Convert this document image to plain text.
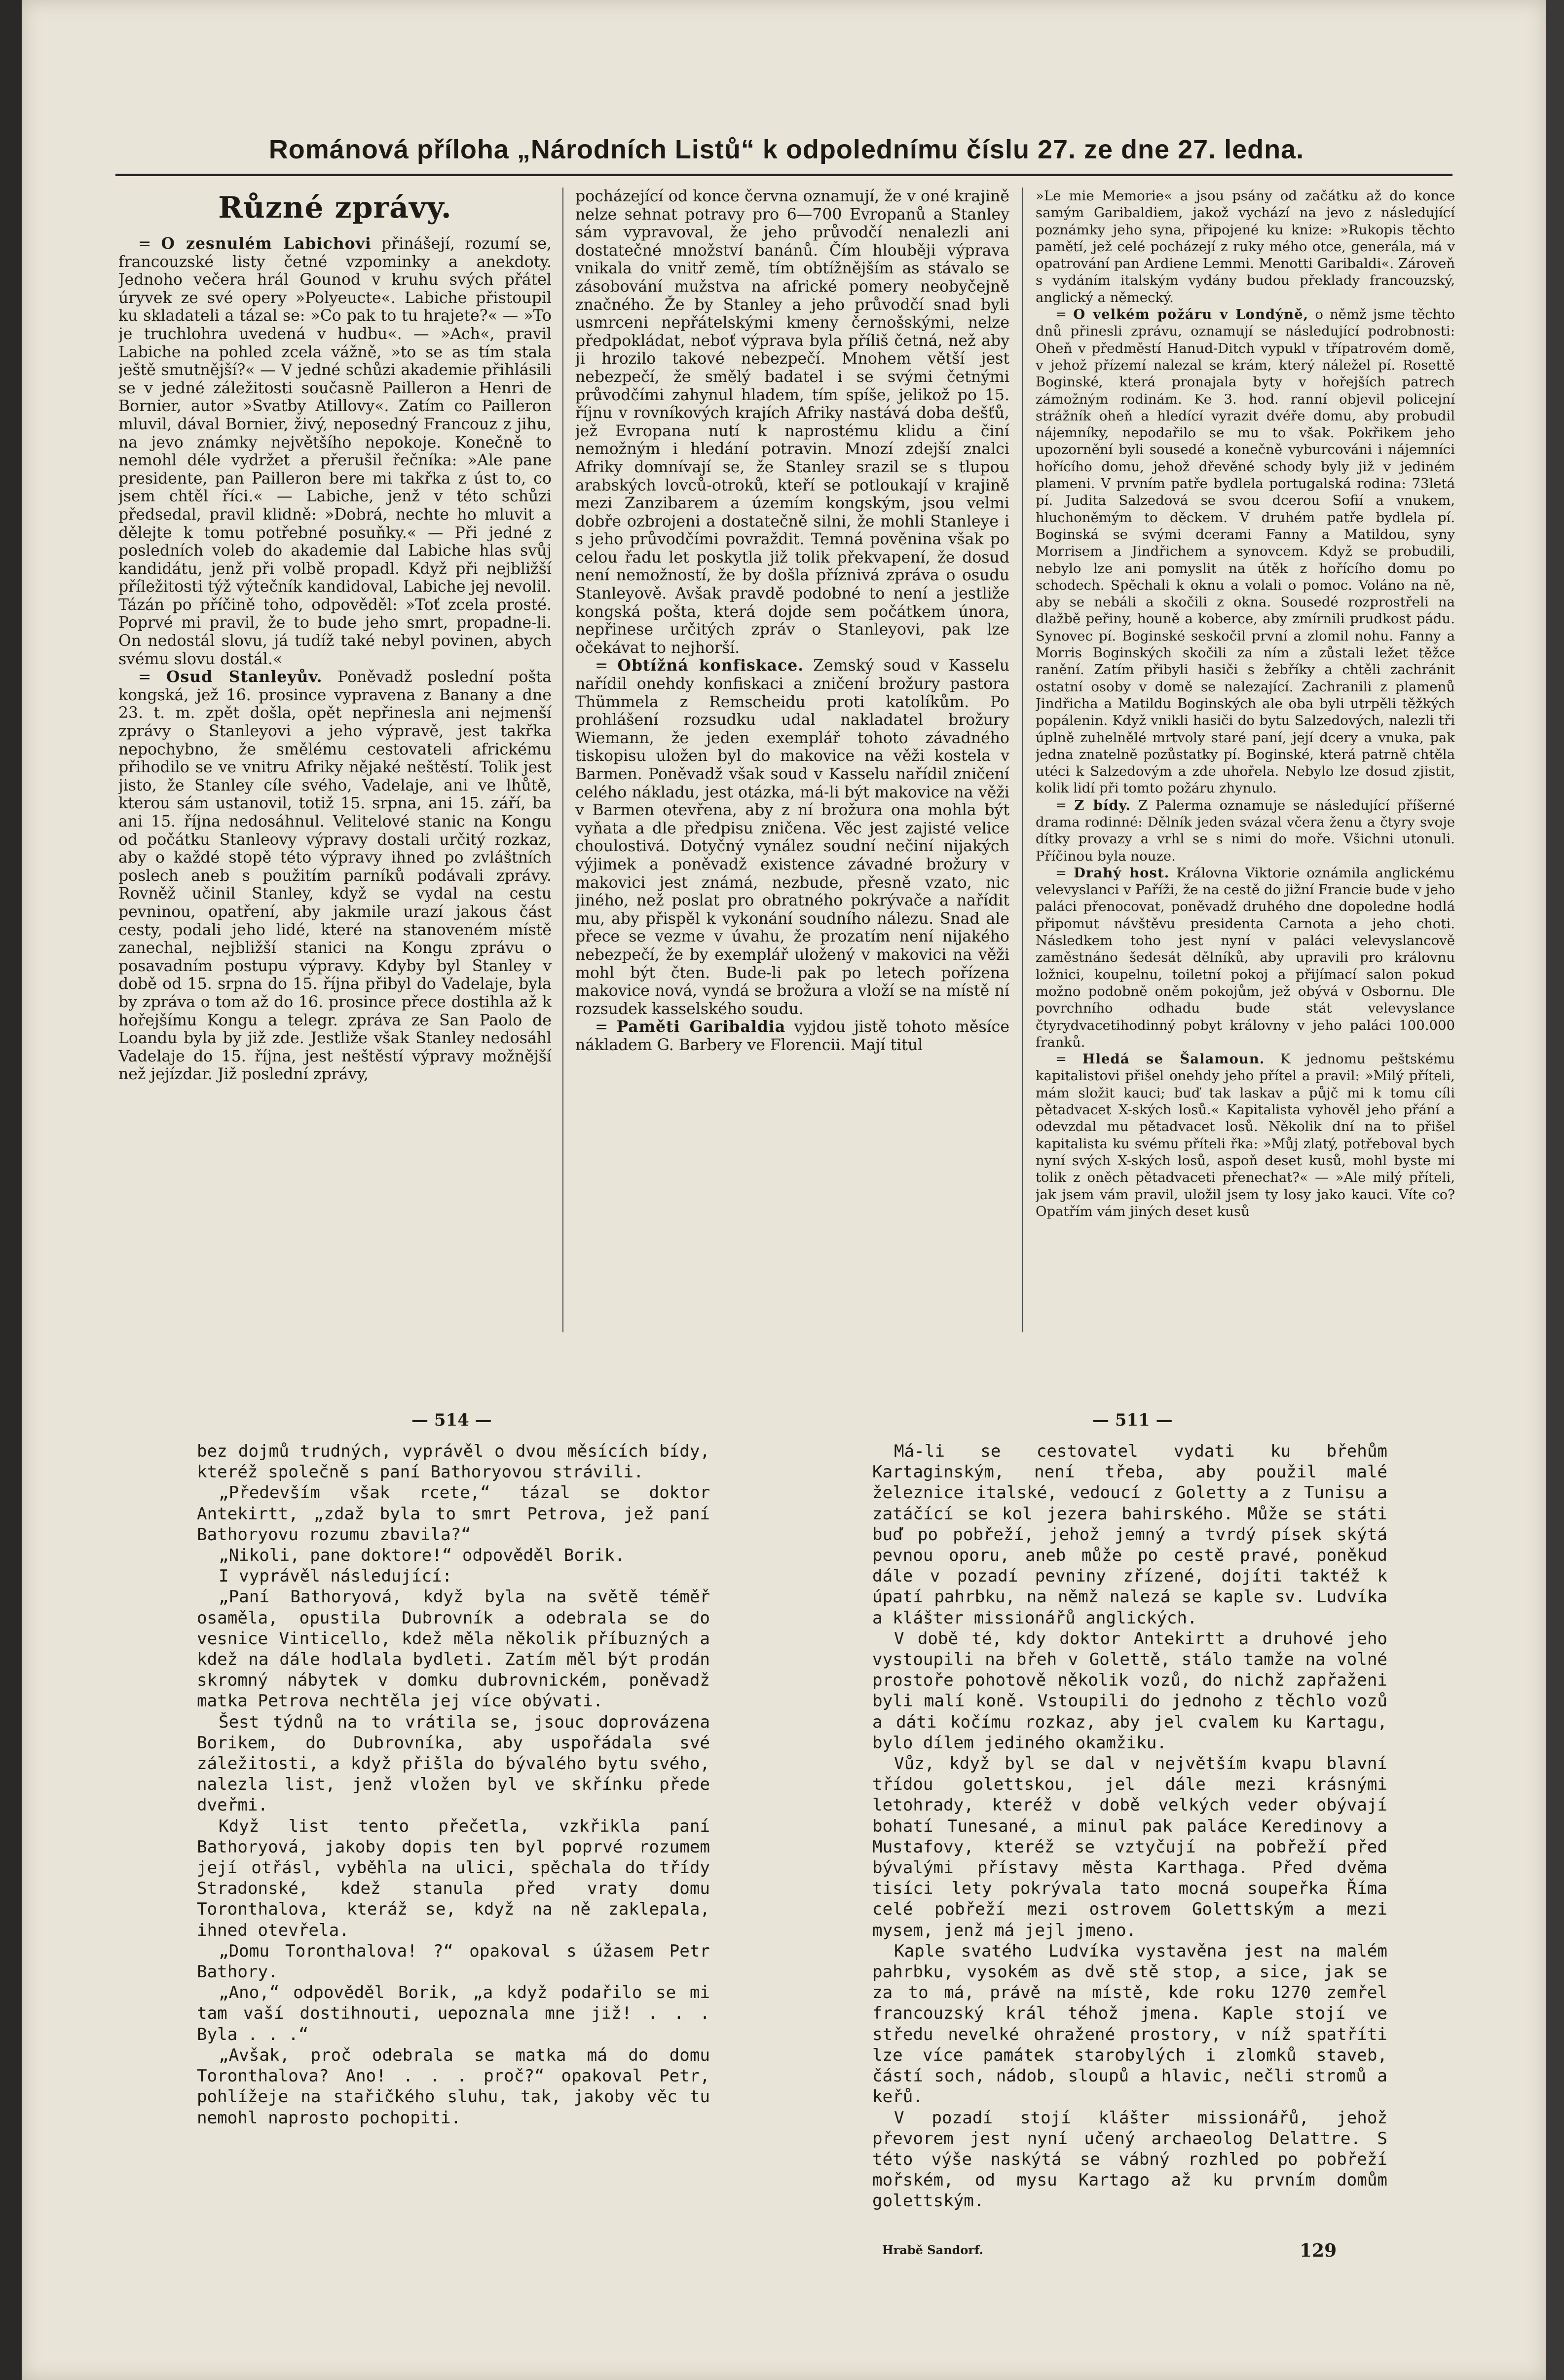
Románová příloha „Národních Listů“ k odpolednímu číslu 27. ze dne 27. ledna.
Různé zprávy.

= O zesnulém Labichovi přinášejí, rozumí se, francouzské listy četné vzpominky a anekdoty. Jednoho večera hrál Gounod v kruhu svých přátel úryvek ze své opery »Polyeucte«. Labiche přistoupil ku skladateli a tázal se: »Co pak to tu hrajete?« — »To je truchlohra uvedená v hudbu«. — »Ach«, pravil Labiche na pohled zcela vážně, »to se as tím stala ještě smutnější?« — V jedné schůzi akademie přihlásili se v jedné záležitosti současně Pailleron a Henri de Bornier, autor »Svatby Atillovy«. Zatím co Pailleron mluvil, dával Bornier, živý, neposedný Francouz z jihu, na jevo známky největšího nepokoje. Konečně to nemohl déle vydržet a přerušil řečníka: »Ale pane presidente, pan Pailleron bere mi takřka z úst to, co jsem chtěl říci.« — Labiche, jenž v této schůzi předsedal, pravil klidně: »Dobrá, nechte ho mluvit a dělejte k tomu potřebné posuňky.« — Při jedné z posledních voleb do akademie dal Labiche hlas svůj kandidátu, jenž při volbě propadl. Když při nejbližší příležitosti týž výtečník kandidoval, Labiche jej nevolil. Tázán po příčině toho, odpověděl: »Toť zcela prosté. Poprvé mi pravil, že to bude jeho smrt, propadne-li. On nedostál slovu, já tudíž také nebyl povinen, abych svému slovu dostál.«

= Osud Stanleyův. Poněvadž poslední pošta kongská, jež 16. prosince vypravena z Banany a dne 23. t. m. zpět došla, opět nepřinesla ani nejmenší zprávy o Stanleyovi a jeho výpravě, jest takřka nepochybno, že smělému cestovateli africkému přihodilo se ve vnitru Afriky nějaké neštěstí. Tolik jest jisto, že Stanley cíle svého, Vadelaje, ani ve lhůtě, kterou sám ustanovil, totiž 15. srpna, ani 15. září, ba ani 15. října nedosáhnul. Velitelové stanic na Kongu od počátku Stanleovy výpravy dostali určitý rozkaz, aby o každé stopě této výpravy ihned po zvláštních poslech aneb s použitím parníků podávali zprávy. Rovněž učinil Stanley, když se vydal na cestu pevninou, opatření, aby jakmile urazí jakous část cesty, podali jeho lidé, které na stanoveném místě zanechal, nejbližší stanici na Kongu zprávu o posavadním postupu výpravy. Kdyby byl Stanley v době od 15. srpna do 15. října přibyl do Vadelaje, byla by zpráva o tom až do 16. prosince přece dostihla až k hořejšímu Kongu a telegr. zpráva ze San Paolo de Loandu byla by již zde. Jestliže však Stanley nedosáhl Vadelaje do 15. října, jest neštěstí výpravy možnější než jejízdar. Již poslední zprávy,

pocházející od konce června oznamují, že v oné krajině nelze sehnat potravy pro 6—700 Evropanů a Stanley sám vypravoval, že jeho průvodčí nenalezli ani dostatečné množství banánů. Čím hlouběji výprava vnikala do vnitř země, tím obtížnějším as stávalo se zásobování mužstva na africké pomery neobyčejně značného. Že by Stanley a jeho průvodčí snad byli usmrceni nepřátelskými kmeny černošskými, nelze předpokládat, neboť výprava byla příliš četná, než aby ji hrozilo takové nebezpečí. Mnohem větší jest nebezpečí, že smělý badatel i se svými četnými průvodčími zahynul hladem, tím spíše, jelikož po 15. říjnu v rovníkových krajích Afriky nastává doba dešťů, jež Evropana nutí k naprostému klidu a činí nemožným i hledání potravin. Mnozí zdejší znalci Afriky domnívají se, že Stanley srazil se s tlupou arabských lovců-otroků, kteří se potloukají v krajině mezi Zanzibarem a územím kongským, jsou velmi dobře ozbrojeni a dostatečně silni, že mohli Stanleye i s jeho průvodčími povraždit. Temná pověnina však po celou řadu let poskytla již tolik překvapení, že dosud není nemožností, že by došla příznivá zpráva o osudu Stanleyově. Avšak pravdě podobné to není a jestliže kongská pošta, která dojde sem počátkem února, nepřinese určitých zpráv o Stanleyovi, pak lze očekávat to nejhorší.

= Obtížná konfiskace. Zemský soud v Kasselu nařídil onehdy konfiskaci a zničení brožury pastora Thümmela z Remscheidu proti katolíkům. Po prohlášení rozsudku udal nakladatel brožury Wiemann, že jeden exemplář tohoto závadného tiskopisu uložen byl do makovice na věži kostela v Barmen. Poněvadž však soud v Kasselu nařídil zničení celého nákladu, jest otázka, má-li být makovice na věži v Barmen otevřena, aby z ní brožura ona mohla být vyňata a dle předpisu zničena. Věc jest zajisté velice choulostivá. Dotyčný vynález soudní nečiní nijakých výjimek a poněvadž existence závadné brožury v makovici jest známá, nezbude, přesně vzato, nic jiného, než poslat pro obratného pokrývače a nařídit mu, aby přispěl k vykonání soudního nálezu. Snad ale přece se vezme v úvahu, že prozatím není nijakého nebezpečí, že by exemplář uložený v makovici na věži mohl být čten. Bude-li pak po letech pořízena makovice nová, vyndá se brožura a vloží se na místě ní rozsudek kasselského soudu.

= Paměti Garibaldia vyjdou jistě tohoto měsíce nákladem G. Barbery ve Florencii. Mají titul

»Le mie Memorie« a jsou psány od začátku až do konce samým Garibaldiem, jakož vychází na jevo z následující poznámky jeho syna, připojené ku knize: »Rukopis těchto pamětí, jež celé pocházejí z ruky mého otce, generála, má v opatrování pan Ardiene Lemmi. Menotti Garibaldi«. Zároveň s vydáním italským vydány budou překlady francouzský, anglický a německý.

= O velkém požáru v Londýně, o němž jsme těchto dnů přinesli zprávu, oznamují se následující podrobnosti: Oheň v předměstí Hanud-Ditch vypukl v třípatrovém domě, v jehož přízemí nalezal se krám, který náležel pí. Rosettě Boginské, která pronajala byty v hořejších patrech zámožným rodinám. Ke 3. hod. ranní objevil policejní strážník oheň a hledící vyrazit dvéře domu, aby probudil nájemníky, nepodařilo se mu to však. Pokřikem jeho upozornění byli sousedé a konečně vyburcováni i nájemníci hořícího domu, jehož dřevěné schody byly již v jediném plameni. V prvním patře bydlela portugalská rodina: 73letá pí. Judita Salzedová se svou dcerou Sofií a vnukem, hluchoněmým to děckem. V druhém patře bydlela pí. Boginská se svými dcerami Fanny a Matildou, syny Morrisem a Jindřichem a synovcem. Když se probudili, nebylo lze ani pomyslit na útěk z hořícího domu po schodech. Spěchali k oknu a volali o pomoc. Voláno na ně, aby se nebáli a skočili z okna. Sousedé rozprostřeli na dlažbě peřiny, houně a koberce, aby zmírnili prudkost pádu. Synovec pí. Boginské seskočil první a zlomil nohu. Fanny a Morris Boginských skočili za ním a zůstali ležet těžce ranění. Zatím přibyli hasiči s žebříky a chtěli zachránit ostatní osoby v domě se nalezající. Zachranili z plamenů Jindřicha a Matildu Boginských ale oba byli utrpěli těžkých popálenin. Když vnikli hasiči do bytu Salzedových, nalezli tři úplně zuhelnělé mrtvoly staré paní, její dcery a vnuka, pak jedna znatelně pozůstatky pí. Boginské, která patrně chtěla utéci k Salzedovým a zde uhořela. Nebylo lze dosud zjistit, kolik lidí při tomto požáru zhynulo.

= Z bídy. Z Palerma oznamuje se následující příšerné drama rodinné: Dělník jeden svázal včera ženu a čtyry svoje dítky provazy a vrhl se s nimi do moře. Všichni utonuli. Příčinou byla nouze.

= Drahý host. Královna Viktorie oznámila anglickému velevyslanci v Paříži, že na cestě do jižní Francie bude v jeho paláci přenocovat, poněvadž druhého dne dopoledne hodlá připomut návštěvu presidenta Carnota a jeho choti. Následkem toho jest nyní v paláci velevyslancově zaměstnáno šedesát dělníků, aby upravili pro královnu ložnici, koupelnu, toiletní pokoj a přijímací salon pokud možno podobně oněm pokojům, jež obývá v Osbornu. Dle povrchního odhadu bude stát velevyslance čtyrydvacetihodinný pobyt královny v jeho paláci 100.000 franků.

= Hledá se Šalamoun. K jednomu peštskému kapitalistovi přišel onehdy jeho přítel a pravil: »Milý příteli, mám složit kauci; buď tak laskav a půjč mi k tomu cíli pětadvacet X-ských losů.« Kapitalista vyhověl jeho přání a odevzdal mu pětadvacet losů. Několik dní na to přišel kapitalista ku svému příteli řka: »Můj zlatý, potřeboval bych nyní svých X-ských losů, aspoň deset kusů, mohl byste mi tolik z oněch pětadvaceti přenechat?« — »Ale milý příteli, jak jsem vám pravil, uložil jsem ty losy jako kauci. Víte co? Opatřím vám jiných deset kusů

— 514 —	— 511 —

bez dojmů trudných, vyprávěl o dvou měsících bídy, kteréž společně s paní Bathoryovou strávili.

„Především však rcete,“ tázal se doktor Antekirtt, „zdaž byla to smrt Petrova, jež paní Bathoryovu rozumu zbavila?“

„Nikoli, pane doktore!“ odpověděl Borik.

I vyprávěl následující:

„Paní Bathoryová, když byla na světě téměř osaměla, opustila Dubrovník a odebrala se do vesnice Vinticello, kdež měla několik příbuzných a kdež na dále hodlala bydleti. Zatím měl být prodán skromný nábytek v domku dubrovnickém, poněvadž matka Petrova nechtěla jej více obývati.

Šest týdnů na to vrátila se, jsouc doprovázena Borikem, do Dubrovníka, aby uspořádala své záležitosti, a když přišla do bývalého bytu svého, nalezla list, jenž vložen byl ve skřínku přede dveřmi.

Když list tento přečetla, vzkřikla paní Bathoryová, jakoby dopis ten byl poprvé rozumem její otřásl, vyběhla na ulici, spěchala do třídy Stradonské, kdež stanula před vraty domu Toronthalova, kteráž se, když na ně zaklepala, ihned otevřela.

„Domu Toronthalova! ?“ opakoval s úžasem Petr Bathory.

„Ano,“ odpověděl Borik, „a když podařilo se mi tam vaší dostihnouti, uepoznala mne již! . . . Byla . . .“

„Avšak, proč odebrala se matka má do domu Toronthalova? Ano! . . . proč?“ opakoval Petr, pohlížeje na stařičkého sluhu, tak, jakoby věc tu nemohl naprosto pochopiti.

Má-li se cestovatel vydati ku břehům Kartaginským, není třeba, aby použil malé železnice italské, vedoucí z Goletty a z Tunisu a zatáčící se kol jezera bahirského. Může se státi buď po pobřeží, jehož jemný a tvrdý písek skýtá pevnou oporu, aneb může po cestě pravé, poněkud dále v pozadí pevniny zřízené, dojíti taktéž k úpatí pahrbku, na němž nalezá se kaple sv. Ludvíka a klášter missionářů anglických.

V době té, kdy doktor Antekirtt a druhové jeho vystoupili na břeh v Golettě, stálo tamže na volné prostoře pohotově několik vozů, do nichž zapřaženi byli malí koně. Vstoupili do jednoho z těchlo vozů a dáti kočímu rozkaz, aby jel cvalem ku Kartagu, bylo dílem jediného okamžiku.

Vůz, když byl se dal v největším kvapu blavní třídou golettskou, jel dále mezi krásnými letohrady, kteréž v době velkých veder obývají bohatí Tunesané, a minul pak paláce Keredinovy a Mustafovy, kteréž se vztyčují na pobřeží před bývalými přístavy města Karthaga. Před dvěma tisíci lety pokrývala tato mocná soupeřka Říma celé pobřeží mezi ostrovem Golettským a mezi mysem, jenž má jejl jmeno.

Kaple svatého Ludvíka vystavěna jest na malém pahrbku, vysokém as dvě stě stop, a sice, jak se za to má, právě na místě, kde roku 1270 zemřel francouzský král téhož jmena. Kaple stojí ve středu nevelké ohražené prostory, v níž spatříti lze více památek starobylých i zlomků staveb, částí soch, nádob, sloupů a hlavic, nečli stromů a keřů.

V pozadí stojí klášter missionářů, jehož převorem jest nyní učený archaeolog Delattre. S této výše naskýtá se vábný rozhled po pobřeží mořském, od mysu Kartago až ku prvním domům golettským.

Hrabě Sandorf.	129
